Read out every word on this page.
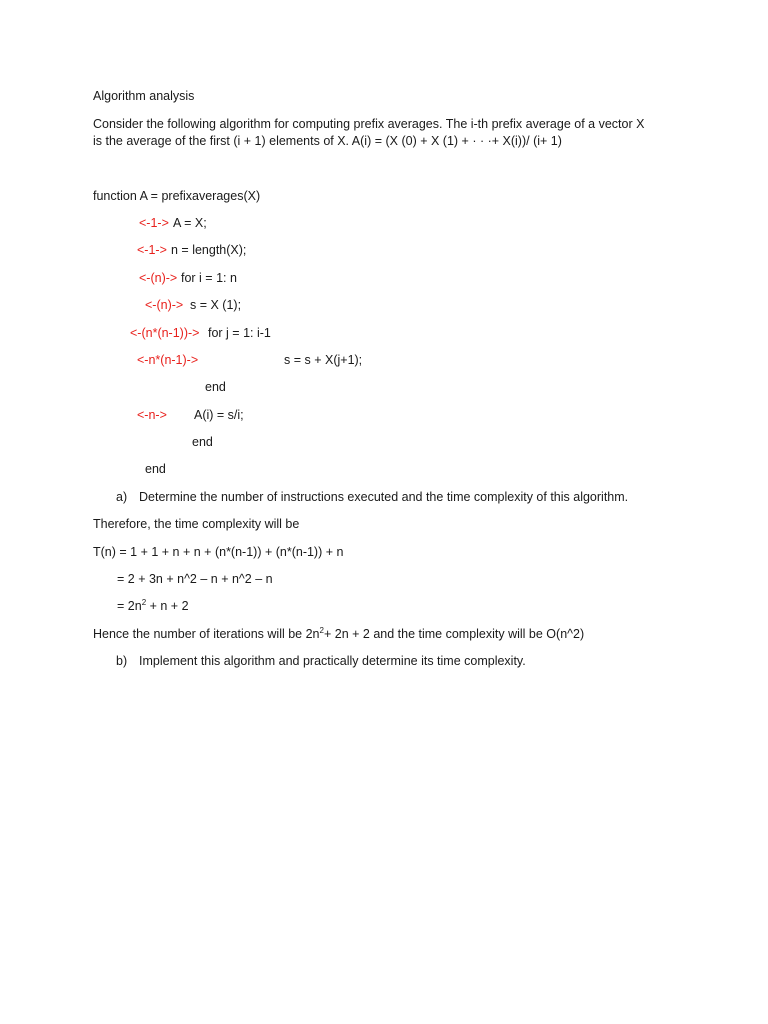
Algorithm analysis
Consider the following algorithm for computing prefix averages. The i-th prefix average of a vector X
is the average of the first (i + 1) elements of X. A(i) = (X (0) + X (1) + · · ·+ X(i))/ (i+ 1)
function A = prefixaverages(X)
<-1-> A = X;
<-1-> n = length(X);
<-(n)-> for i = 1: n
<-(n)-> s = X (1);
<-(n*(n-1))-> for j = 1: i-1
<-n*(n-1)->	s = s + X(j+1);
end
<-n-> A(i) = s/i;
end
end
a) Determine the number of instructions executed and the time complexity of this algorithm.
Therefore, the time complexity will be
T(n) = 1 + 1 + n + n + (n*(n-1)) + (n*(n-1)) + n
= 2 + 3n + n^2 – n + n^2 – n
= $2n^2 + n + 2$
Hence the number of iterations will be $2n^2+ 2n + 2$ and the time complexity will be O(n^2)
b) Implement this algorithm and practically determine its time complexity.
